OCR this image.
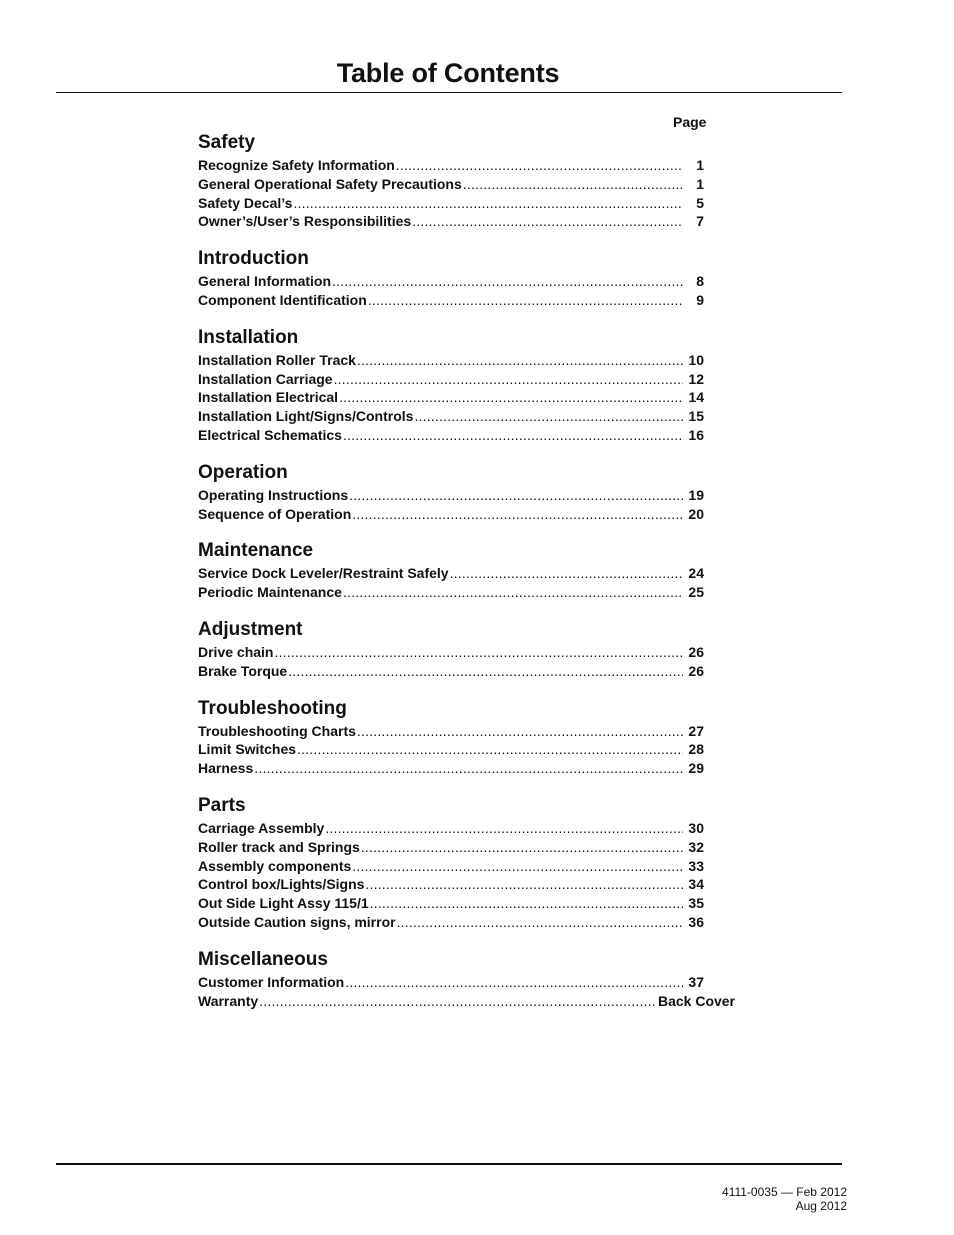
Table of Contents
Page
Safety
Recognize Safety Information .....	1
General Operational Safety Precautions .....	1
Safety Decal’s .....	5
Owner’s/User’s Responsibilities .....	7
Introduction
General Information .....	8
Component Identification .....	9
Installation
Installation Roller Track .....	10
Installation Carriage .....	12
Installation Electrical .....	14
Installation Light/Signs/Controls .....	15
Electrical Schematics .....	16
Operation
Operating Instructions .....	19
Sequence of Operation .....	20
Maintenance
Service Dock Leveler/Restraint Safely .....	24
Periodic Maintenance .....	25
Adjustment
Drive chain .....	26
Brake Torque .....	26
Troubleshooting
Troubleshooting Charts .....	27
Limit Switches .....	28
Harness .....	29
Parts
Carriage Assembly .....	30
Roller track and Springs .....	32
Assembly components .....	33
Control box/Lights/Signs .....	34
Out Side Light Assy 115/1 .....	35
Outside Caution signs, mirror .....	36
Miscellaneous
Customer Information .....	37
Warranty .....	Back Cover
4111-0035 — Feb 2012
Aug 2012
